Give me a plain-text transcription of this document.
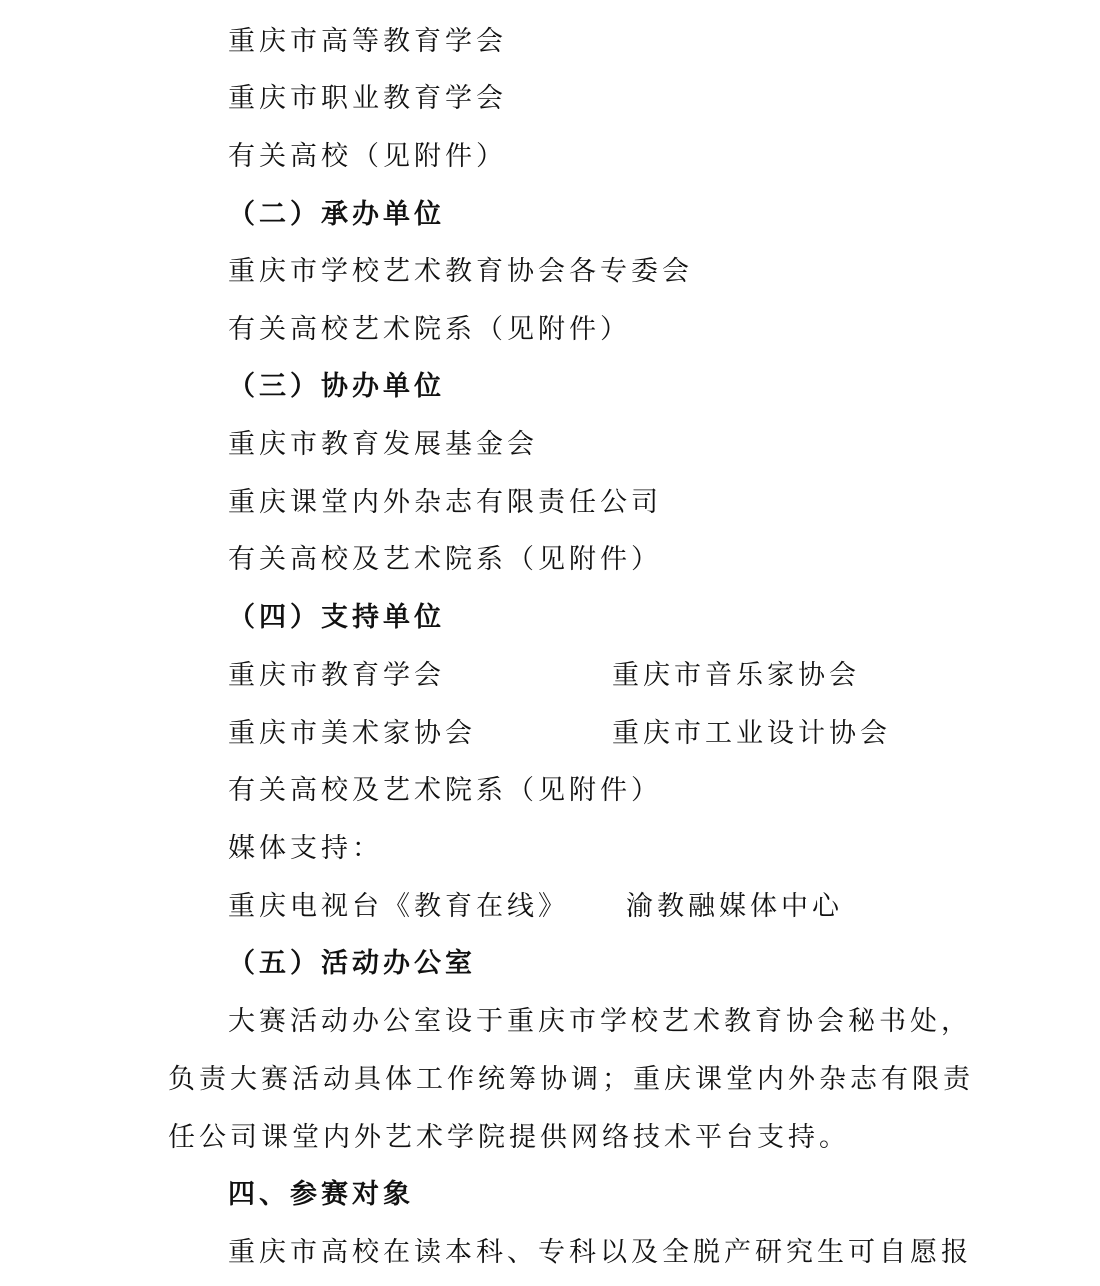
重庆市高等教育学会
重庆市职业教育学会
有关高校（见附件）
（二）承办单位
重庆市学校艺术教育协会各专委会
有关高校艺术院系（见附件）
（三）协办单位
重庆市教育发展基金会
重庆课堂内外杂志有限责任公司
有关高校及艺术院系（见附件）
（四）支持单位
重庆市教育学会	重庆市音乐家协会
重庆市美术家协会	重庆市工业设计协会
有关高校及艺术院系（见附件）
媒体支持：
重庆电视台《教育在线》 渝教融媒体中心
（五）活动办公室
大赛活动办公室设于重庆市学校艺术教育协会秘书处，
负责大赛活动具体工作统筹协调；重庆课堂内外杂志有限责
任公司课堂内外艺术学院提供网络技术平台支持。
四、参赛对象
重庆市高校在读本科、专科以及全脱产研究生可自愿报
